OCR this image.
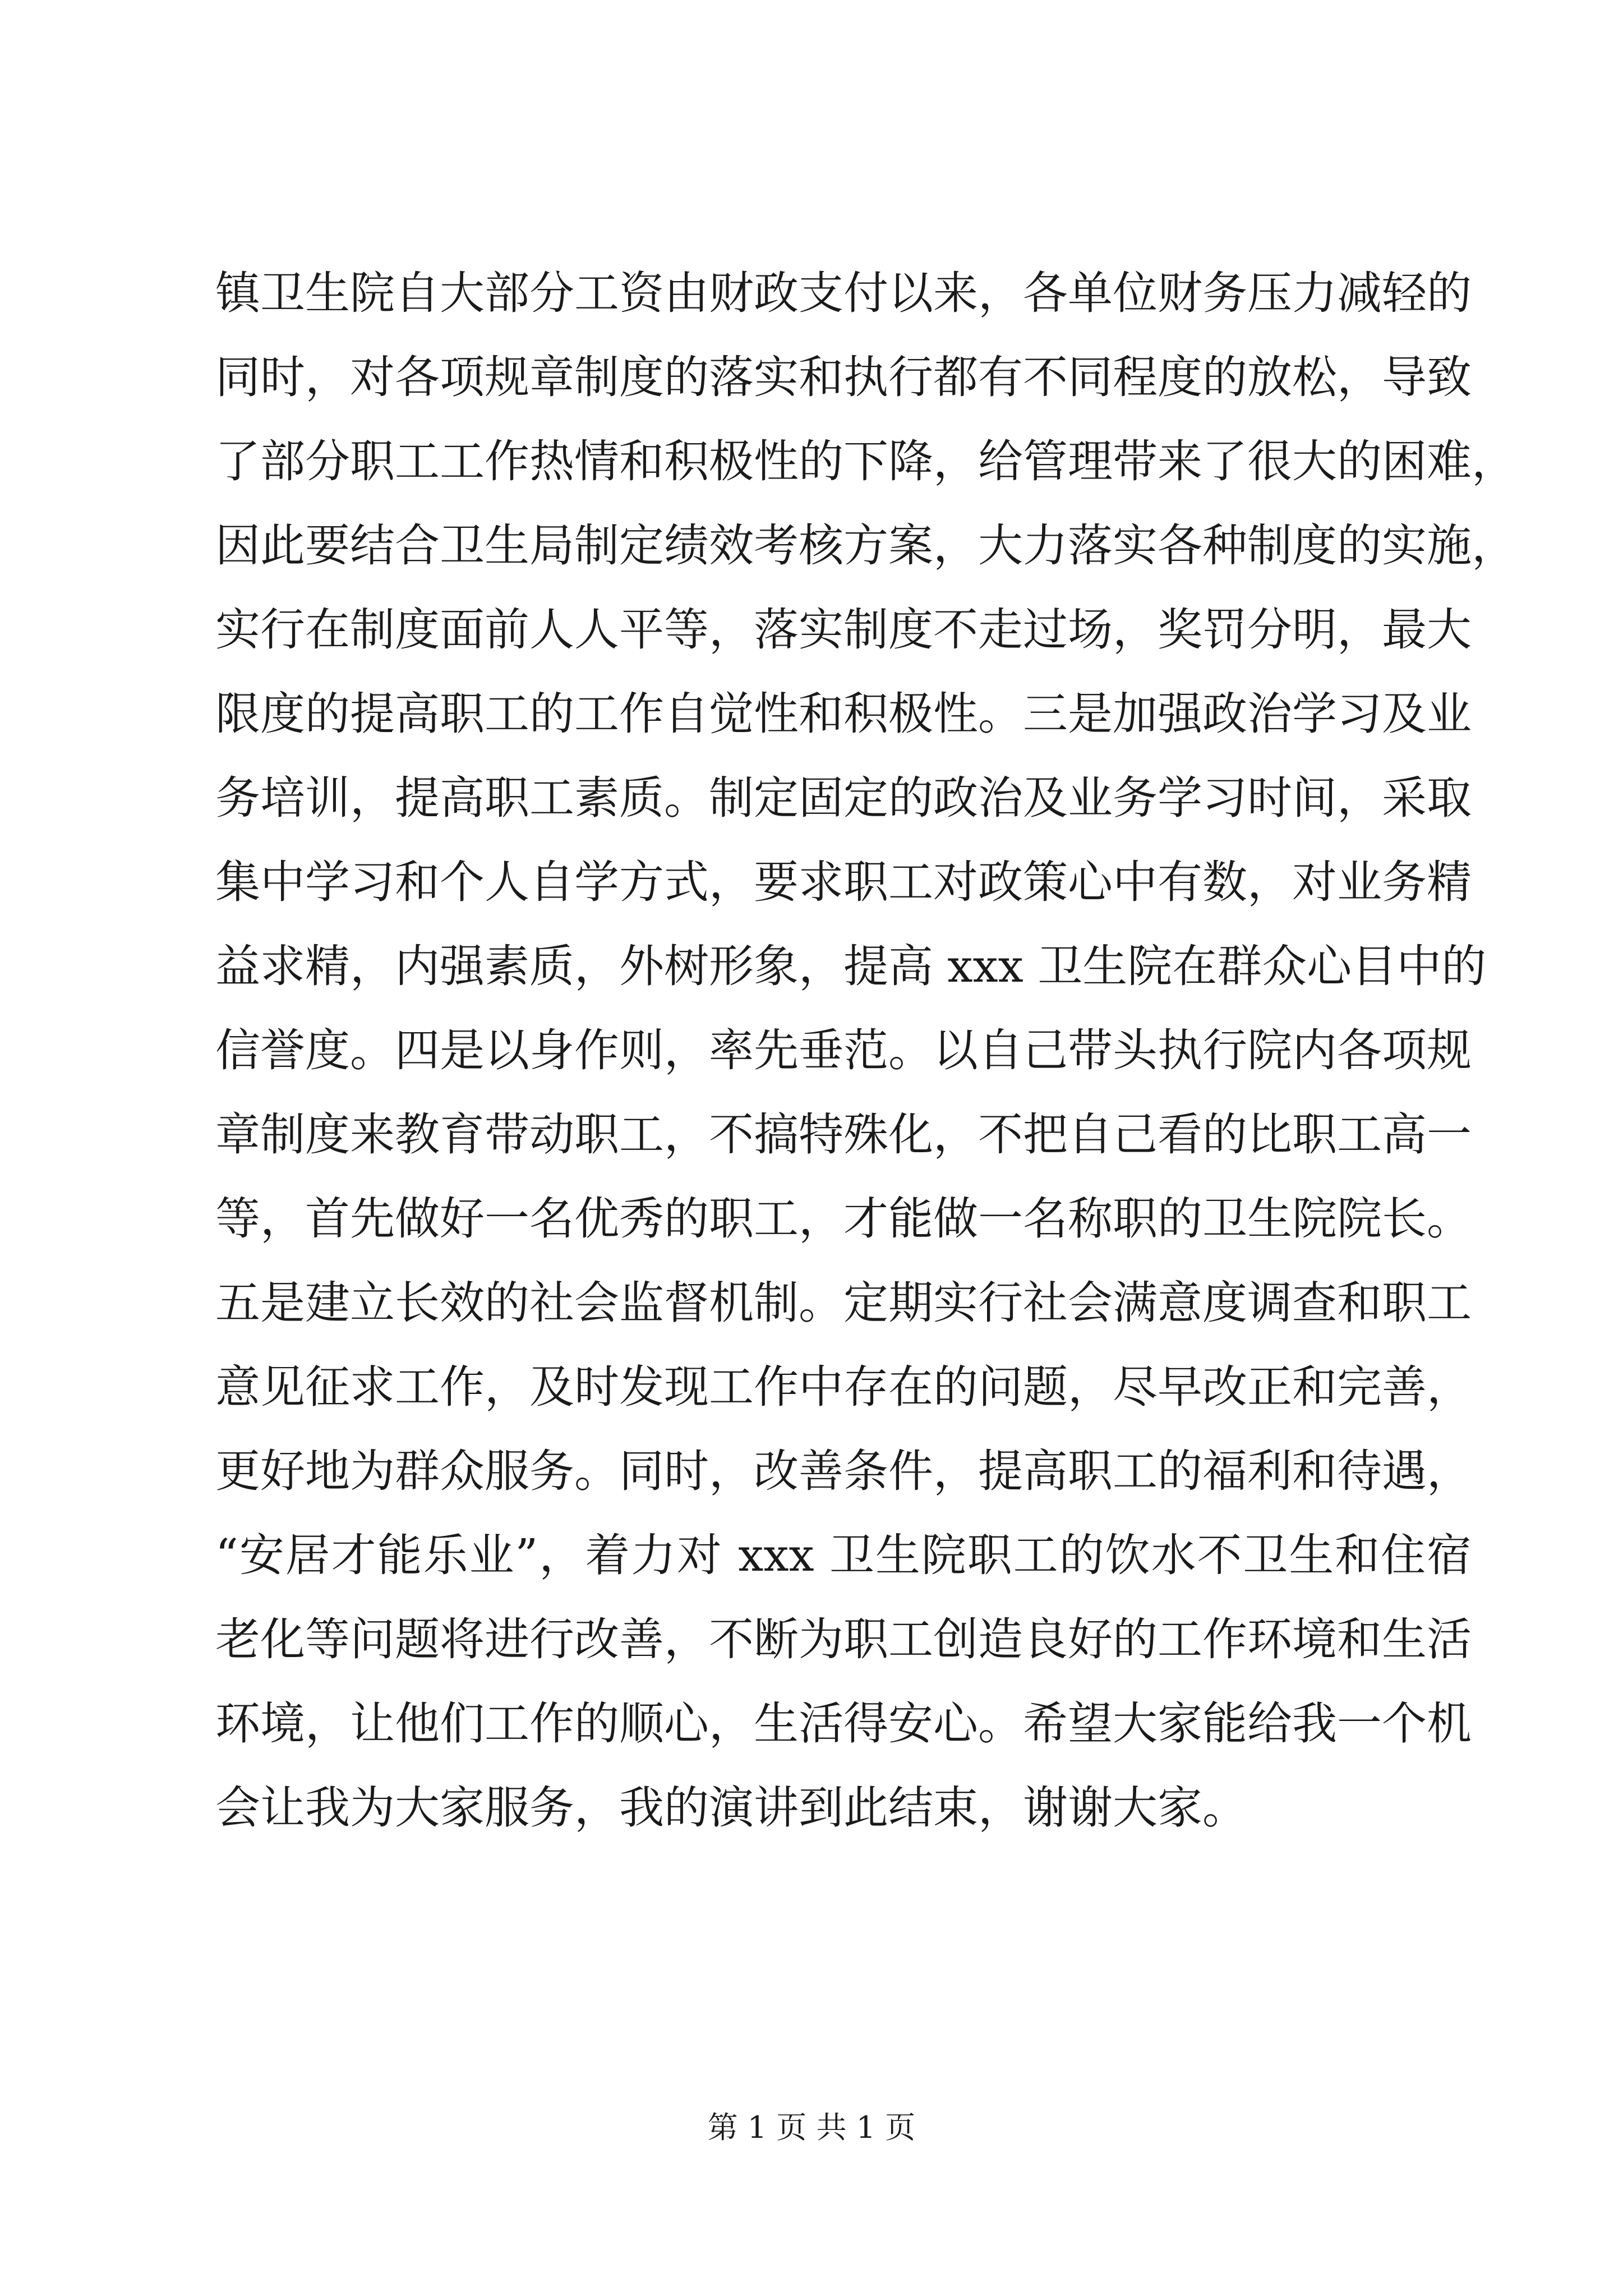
镇卫生院自大部分工资由财政支付以来，各单位财务压力减轻的
同时，对各项规章制度的落实和执行都有不同程度的放松，导致
了部分职工工作热情和积极性的下降，给管理带来了很大的困难，
因此要结合卫生局制定绩效考核方案，大力落实各种制度的实施，
实行在制度面前人人平等，落实制度不走过场，奖罚分明，最大
限度的提高职工的工作自觉性和积极性。三是加强政治学习及业
务培训，提高职工素质。制定固定的政治及业务学习时间，采取
集中学习和个人自学方式，要求职工对政策心中有数，对业务精
益求精，内强素质，外树形象，提高 xxx 卫生院在群众心目中的
信誉度。四是以身作则，率先垂范。以自己带头执行院内各项规
章制度来教育带动职工，不搞特殊化，不把自己看的比职工高一
等，首先做好一名优秀的职工，才能做一名称职的卫生院院长。
五是建立长效的社会监督机制。定期实行社会满意度调查和职工
意见征求工作，及时发现工作中存在的问题，尽早改正和完善，
更好地为群众服务。同时，改善条件，提高职工的福利和待遇，
“安居才能乐业”，着力对 xxx 卫生院职工的饮水不卫生和住宿
老化等问题将进行改善，不断为职工创造良好的工作环境和生活
环境，让他们工作的顺心，生活得安心。希望大家能给我一个机
会让我为大家服务，我的演讲到此结束，谢谢大家。
第 1 页 共 1 页
